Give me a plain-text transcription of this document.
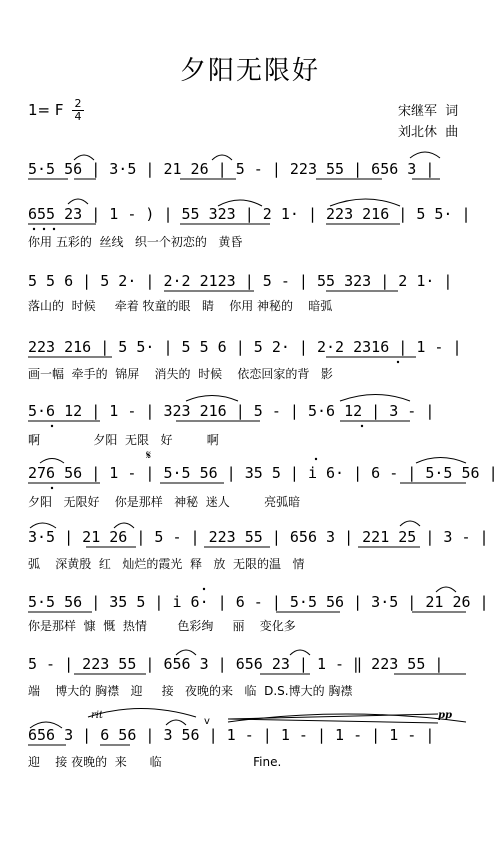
夕阳无限好
1= F 2
4	宋继军  词
刘北休  曲
5·5 56 | 3·5 | 21 26 | 5 - | 223 55 | 656 3 |
655 23 | 1 - ) | 55 323 | 2 1· | 223 216 | 5 5· |
你用 五彩的  丝线   织一个初恋的   黄昏
5 5 6 | 5 2· | 2·2 2123 | 5 - | 55 323 | 2 1· |
落山的  时候     牵着 牧童的眼   睛    你用 神秘的    暗弧
223 216 | 5 5· | 5 5 6 | 5 2· | 2·2 2316 | 1 - |
画一幅  牵手的  锦屏    消失的  时候    依恋回家的背   影
5·6 12 | 1 - | 323 216 | 5 - | 5·6 12 | 3 - |
啊              夕阳  无限   好         啊
276 56 | 1 - | 5·5 56 | 35 5 | i 6· | 6 - | 5·5 56 |
夕阳   无限好    你是那样   神秘  迷人         亮弧暗
3·5 | 21 26 | 5 - | 223 55 | 656 3 | 221 25 | 3 - |
弧    深黄殷  红   灿烂的霞光  释   放  无限的温   情
5·5 56 | 35 5 | i 6· | 6 - | 5·5 56 | 3·5 | 21 26 |
你是那样  慷  慨  热情        色彩绚     丽    变化多
5 - | 223 55 | 656 3 | 656 23 | 1 - ‖ 223 55 |
端    博大的 胸襟   迎     接   夜晚的来   临  D.S.博大的 胸襟
656 3 | 6 56 | 3 56 | 1 - | 1 - | 1 - | 1 - |
迎    接 夜晚的  来      临                        Fine.
rit	pp
𝄋
v
